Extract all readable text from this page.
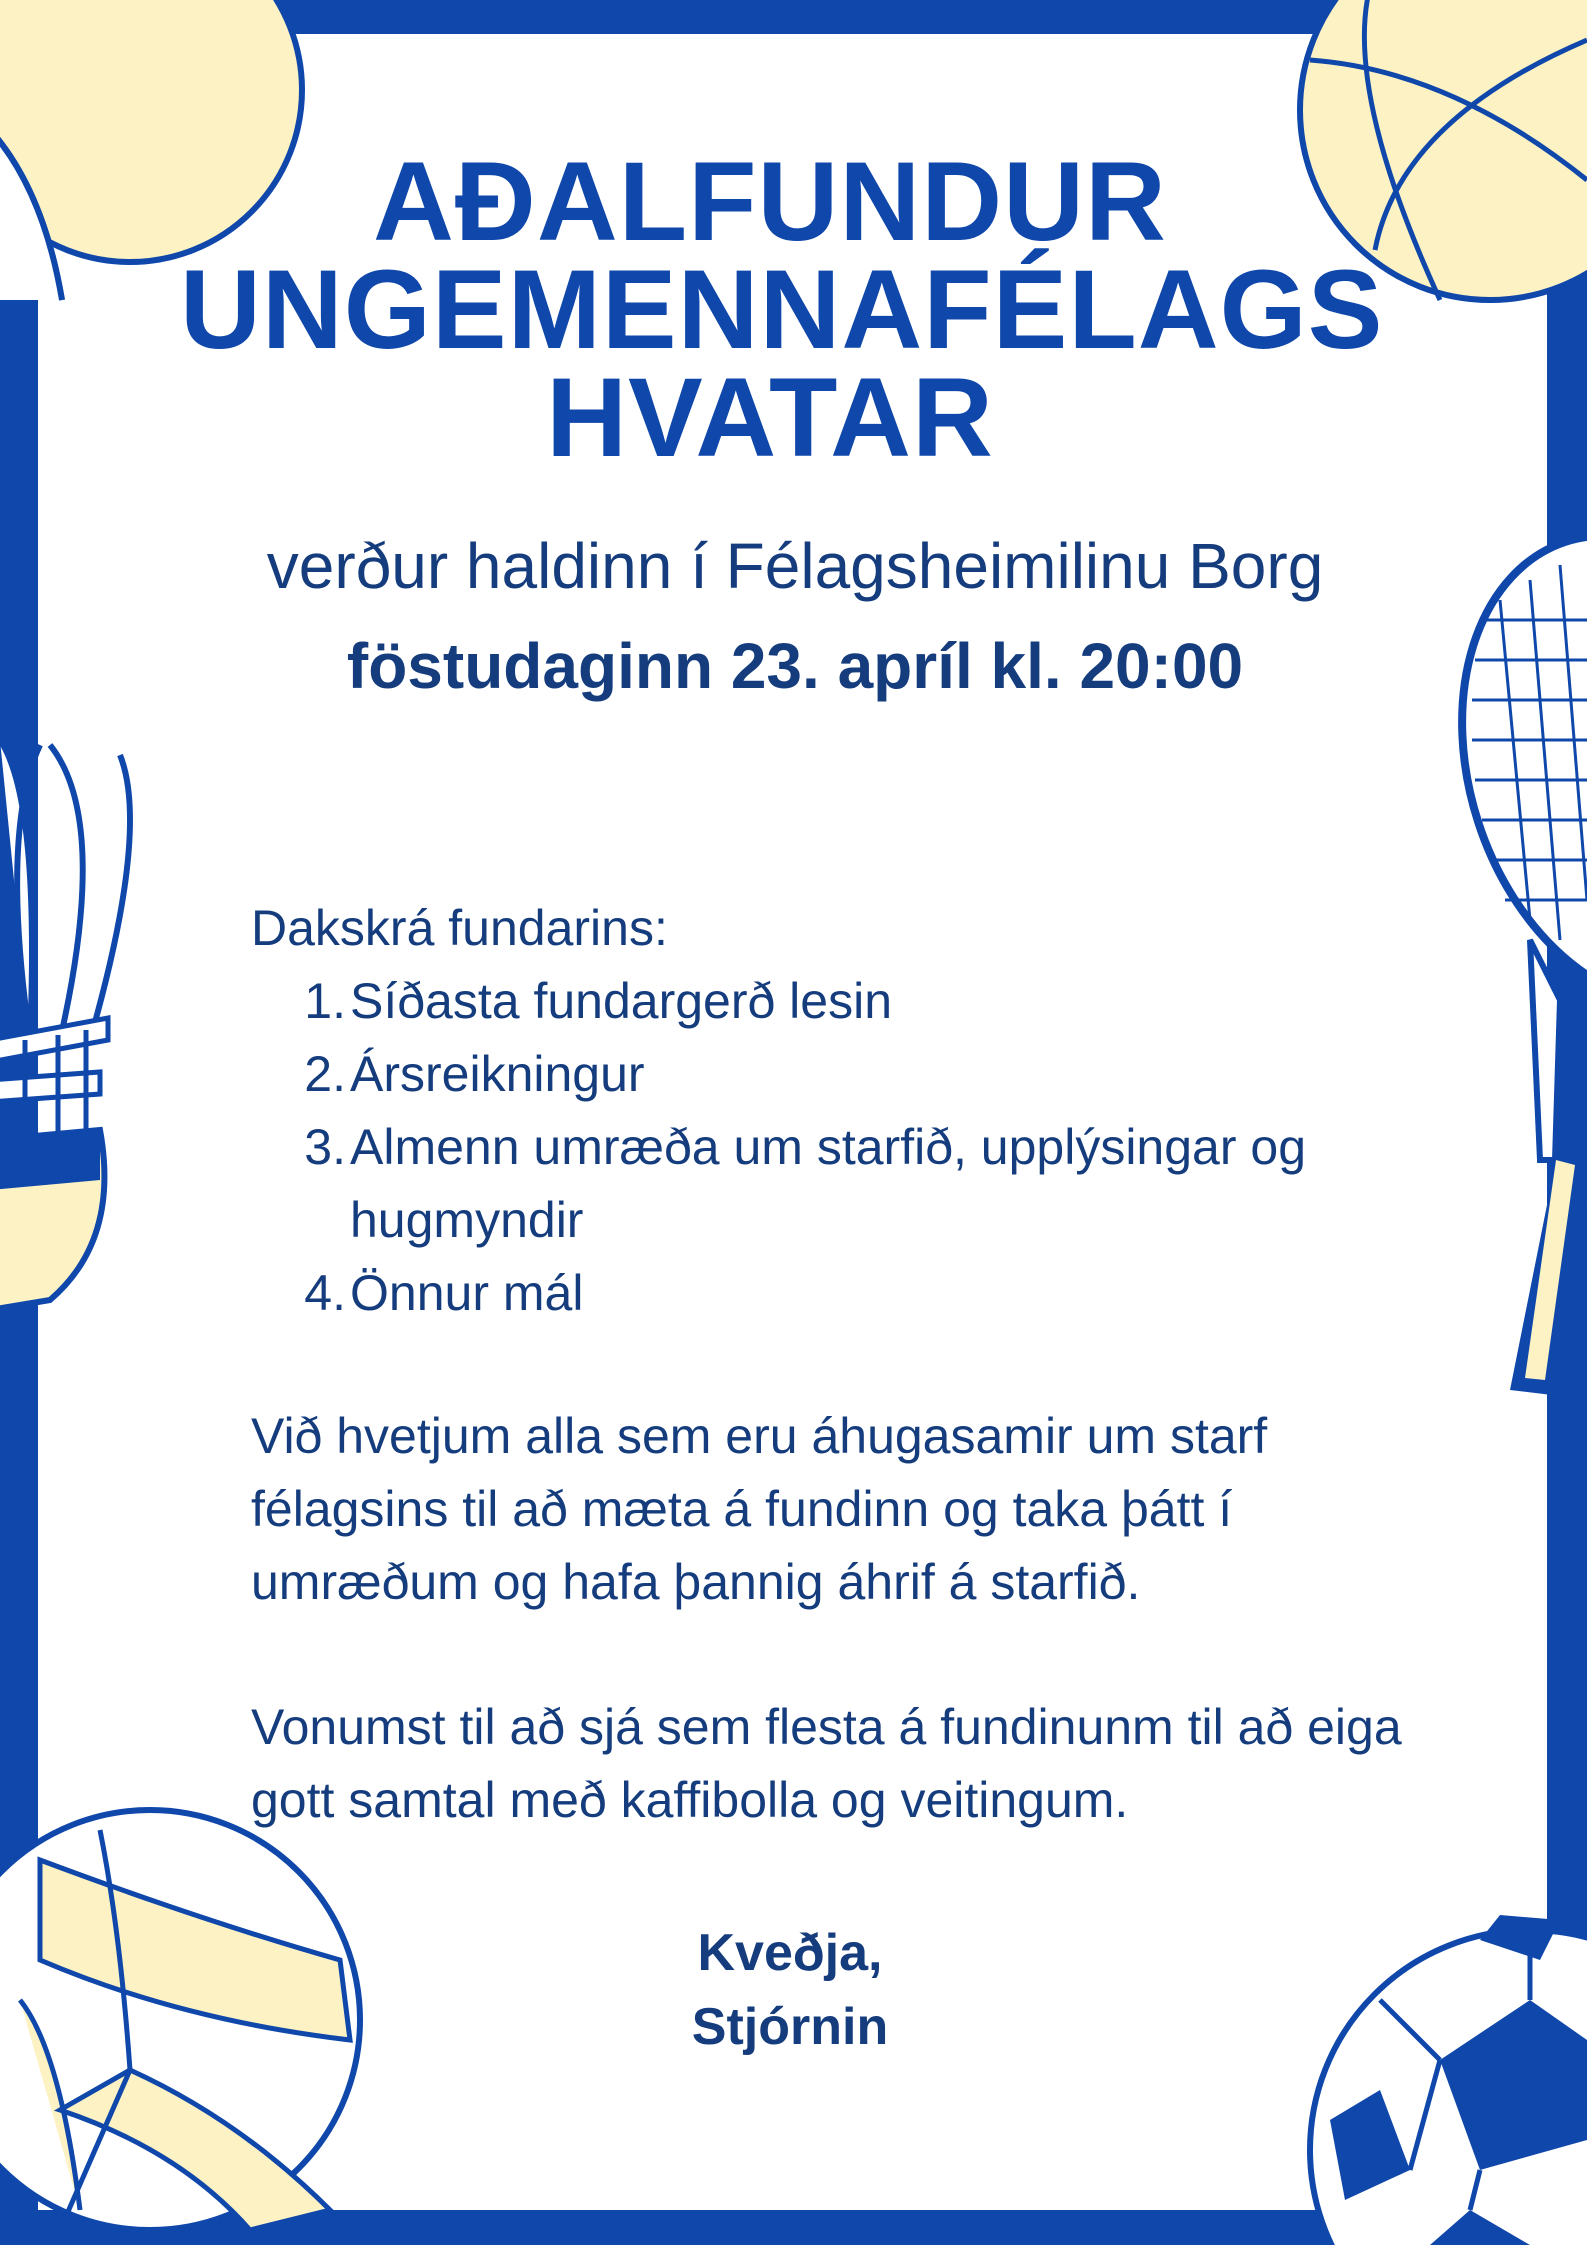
AÐALFUNDUR
UNGEMENNAFÉLAGS
HVATAR
verður haldinn í Félagsheimilinu Borg
föstudaginn 23. apríl kl. 20:00
Dakskrá fundarins:
1. Síðasta fundargerð lesin
2. Ársreikningur
3. Almenn umræða um starfið, upplýsingar og hugmyndir
4. Önnur mál
Við hvetjum alla sem eru áhugasamir um starf félagsins til að mæta á fundinn og taka þátt í umræðum og hafa þannig áhrif á starfið.
Vonumst til að sjá sem flesta á fundinunm til að eiga gott samtal með kaffibolla og veitingum.
Kveðja,
Stjórnin
